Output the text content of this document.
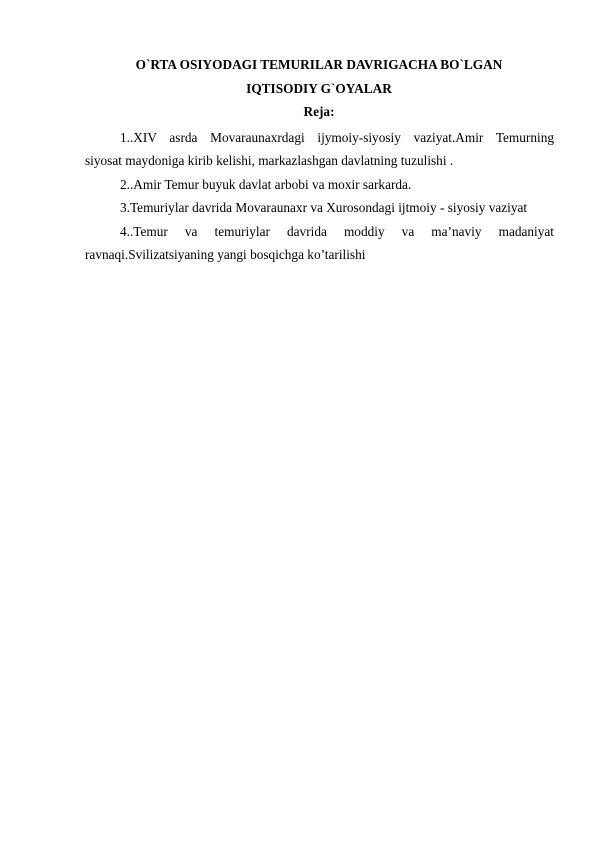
O`RTA OSIYODAGI TEMURILAR DAVRIGACHA BO`LGAN
IQTISODIY G`OYALAR
Reja:
1..XIV asrda Movaraunaxrdagi ijymoiy-siyosiy vaziyat.Amir Temurning
siyosat maydoniga kirib kelishi, markazlashgan davlatning tuzulishi .
2..Amir Temur buyuk davlat arbobi va moxir sarkarda.
3.Temuriylar davrida Movaraunaxr va Xurosondagi ijtmoiy - siyosiy vaziyat
4..Temur va temuriylar davrida moddiy va ma’naviy madaniyat
ravnaqi.Svilizatsiyaning yangi bosqichga ko’tarilishi
